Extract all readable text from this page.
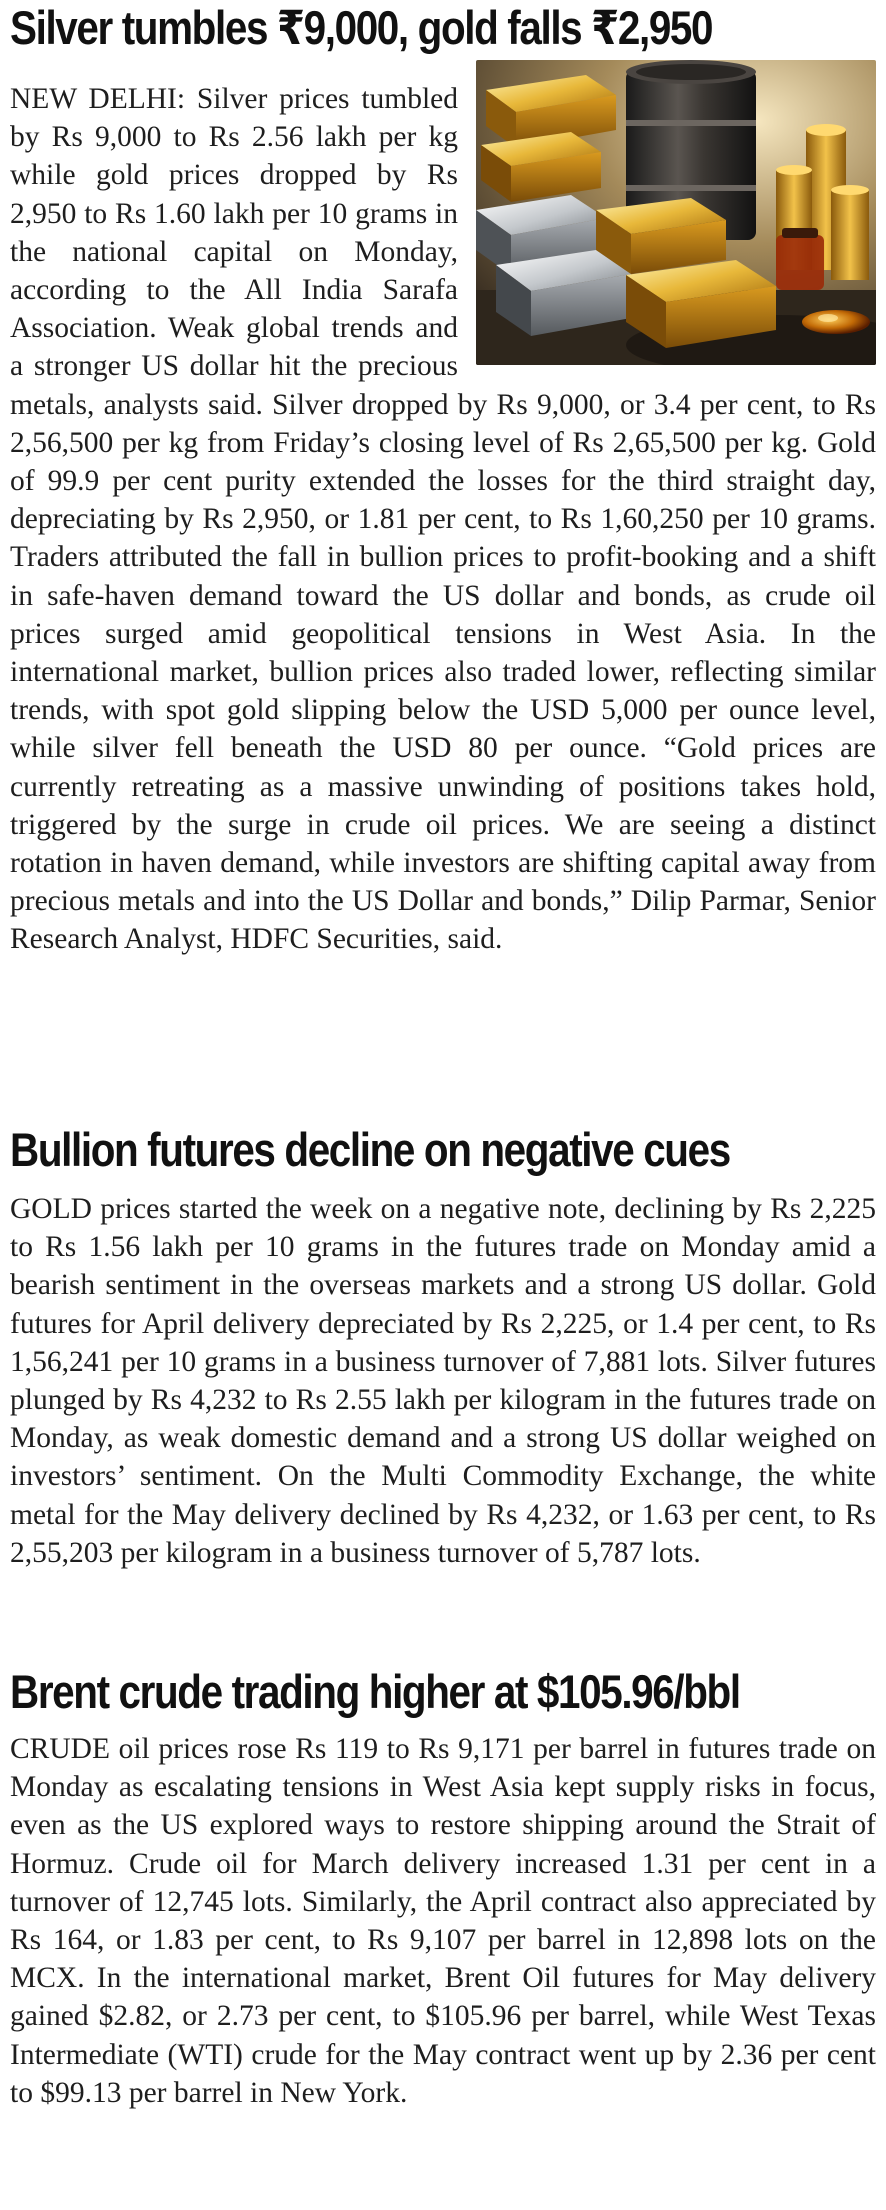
Silver tumbles ₹9,000, gold falls ₹2,950

NEW DELHI: Silver prices tumbled by Rs 9,000 to Rs 2.56 lakh per kg while gold prices dropped by Rs 2,950 to Rs 1.60 lakh per 10 grams in the national capital on Monday, according to the All India Sarafa Association. Weak global trends and a stronger US dollar hit the precious metals, analysts said. Silver dropped by Rs 9,000, or 3.4 per cent, to Rs 2,56,500 per kg from Friday’s closing level of Rs 2,65,500 per kg. Gold of 99.9 per cent purity extended the losses for the third straight day, depreciating by Rs 2,950, or 1.81 per cent, to Rs 1,60,250 per 10 grams. Traders attributed the fall in bullion prices to profit-booking and a shift in safe-haven demand toward the US dollar and bonds, as crude oil prices surged amid geopolitical tensions in West Asia. In the international market, bullion prices also traded lower, reflecting similar trends, with spot gold slipping below the USD 5,000 per ounce level, while silver fell beneath the USD 80 per ounce. “Gold prices are currently retreating as a massive unwinding of positions takes hold, triggered by the surge in crude oil prices. We are seeing a distinct rotation in haven demand, while investors are shifting capital away from precious metals and into the US Dollar and bonds,” Dilip Parmar, Senior Research Analyst, HDFC Securities, said.

Bullion futures decline on negative cues

GOLD prices started the week on a negative note, declining by Rs 2,225 to Rs 1.56 lakh per 10 grams in the futures trade on Monday amid a bearish sentiment in the overseas markets and a strong US dollar. Gold futures for April delivery depreciated by Rs 2,225, or 1.4 per cent, to Rs 1,56,241 per 10 grams in a business turnover of 7,881 lots. Silver futures plunged by Rs 4,232 to Rs 2.55 lakh per kilogram in the futures trade on Monday, as weak domestic demand and a strong US dollar weighed on investors’ sentiment. On the Multi Commodity Exchange, the white metal for the May delivery declined by Rs 4,232, or 1.63 per cent, to Rs 2,55,203 per kilogram in a business turnover of 5,787 lots.

Brent crude trading higher at $105.96/bbl

CRUDE oil prices rose Rs 119 to Rs 9,171 per barrel in futures trade on Monday as escalating tensions in West Asia kept supply risks in focus, even as the US explored ways to restore shipping around the Strait of Hormuz. Crude oil for March delivery increased 1.31 per cent in a turnover of 12,745 lots. Similarly, the April contract also appreciated by Rs 164, or 1.83 per cent, to Rs 9,107 per barrel in 12,898 lots on the MCX. In the international market, Brent Oil futures for May delivery gained $2.82, or 2.73 per cent, to $105.96 per barrel, while West Texas Intermediate (WTI) crude for the May contract went up by 2.36 per cent to $99.13 per barrel in New York.
